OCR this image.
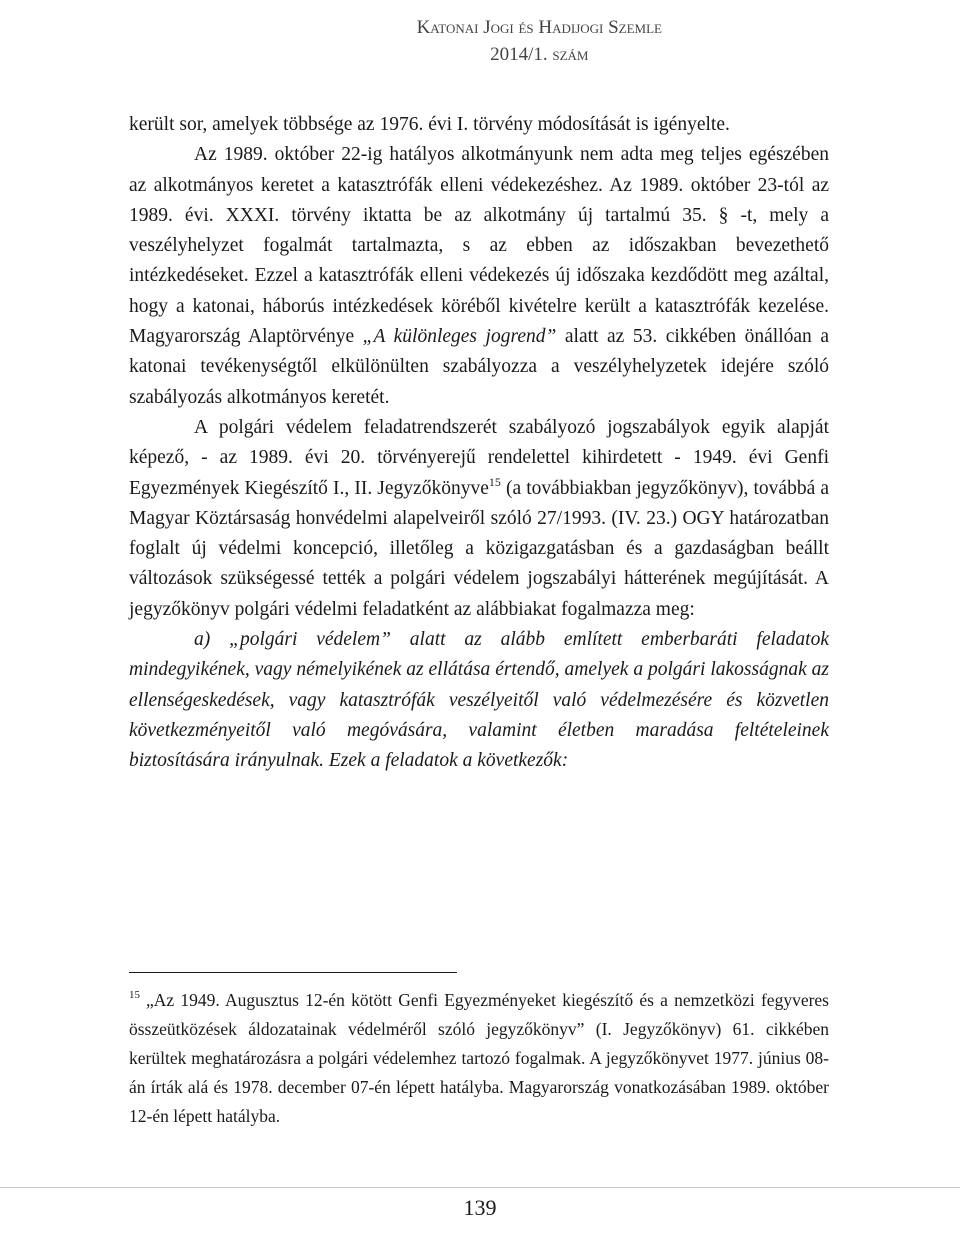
Katonai Jogi és Hadijogi Szemle
2014/1. szám

került sor, amelyek többsége az 1976. évi I. törvény módosítását is igényelte.

Az 1989. október 22-ig hatályos alkotmányunk nem adta meg teljes egészében az alkotmányos keretet a katasztrófák elleni védekezéshez. Az 1989. október 23-tól az 1989. évi. XXXI. törvény iktatta be az alkotmány új tartalmú 35. § -t, mely a veszélyhelyzet fogalmát tartalmazta, s az ebben az időszakban bevezethető intézkedéseket. Ezzel a katasztrófák elleni védekezés új időszaka kezdődött meg azáltal, hogy a katonai, háborús intézkedések köréből kivételre került a katasztrófák kezelése. Magyarország Alaptörvénye „A különleges jogrend” alatt az 53. cikkében önállóan a katonai tevékenységtől elkülönülten szabályozza a veszélyhelyzetek idejére szóló szabályozás alkotmányos keretét.

A polgári védelem feladatrendszerét szabályozó jogszabályok egyik alapját képező, - az 1989. évi 20. törvényerejű rendelettel kihirdetett - 1949. évi Genfi Egyezmények Kiegészítő I., II. Jegyzőkönyve$^{15}$ (a továbbiakban jegyzőkönyv), továbbá a Magyar Köztársaság honvédelmi alapelveiről szóló 27/1993. (IV. 23.) OGY határozatban foglalt új védelmi koncepció, illetőleg a közigazgatásban és a gazdaságban beállt változások szükségessé tették a polgári védelem jogszabályi hátterének megújítását. A jegyzőkönyv polgári védelmi feladatként az alábbiakat fogalmazza meg:

a) „polgári védelem” alatt az alább említett emberbaráti feladatok mindegyikének, vagy némelyikének az ellátása értendő, amelyek a polgári lakosságnak az ellenségeskedések, vagy katasztrófák veszélyeitől való védelmezésére és közvetlen következményeitől való megóvására, valamint életben maradása feltételeinek biztosítására irányulnak. Ezek a feladatok a következők:

$^{15}$ „Az 1949. Augusztus 12-én kötött Genfi Egyezményeket kiegészítő és a nemzetközi fegyveres összeütközések áldozatainak védelméről szóló jegyzőkönyv” (I. Jegyzőkönyv) 61. cikkében kerültek meghatározásra a polgári védelemhez tartozó fogalmak. A jegyzőkönyvet 1977. június 08-án írták alá és 1978. december 07-én lépett hatályba. Magyarország vonatkozásában 1989. október 12-én lépett hatályba.
139
